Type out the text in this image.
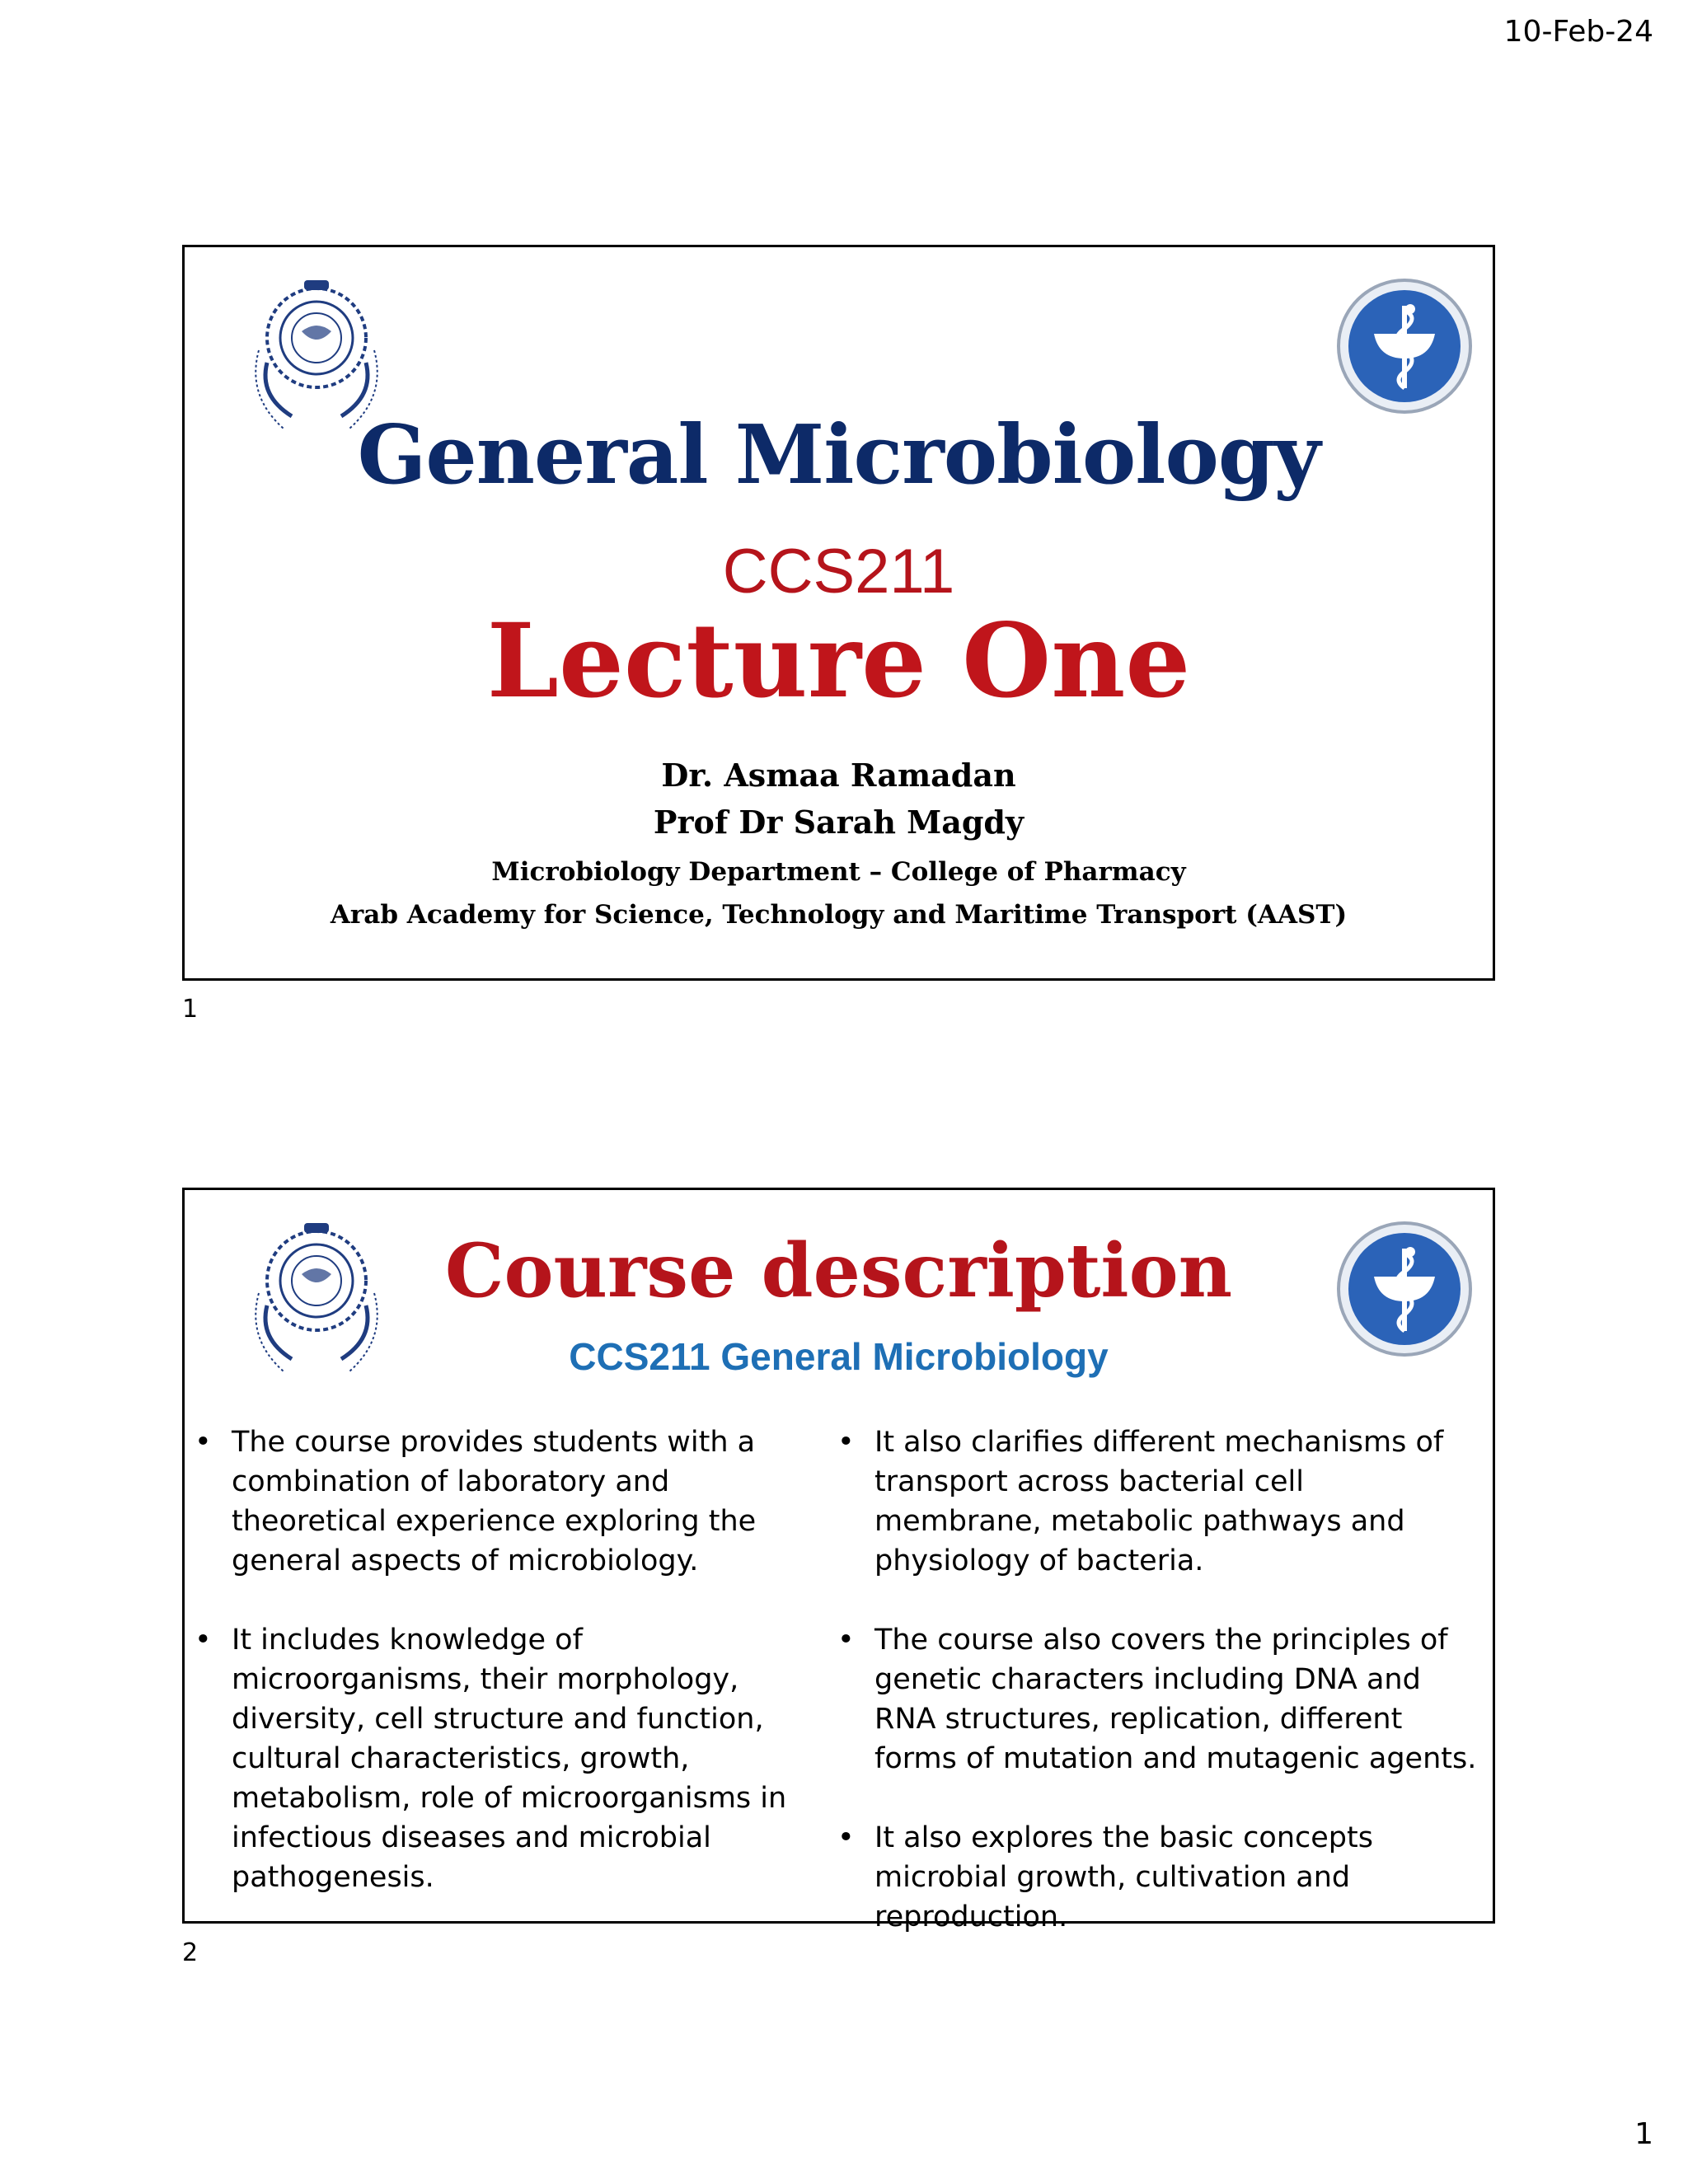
10-Feb-24
1
General Microbiology
CCS211
Lecture One
Dr. Asmaa Ramadan
Prof Dr Sarah Magdy
Microbiology Department – College of Pharmacy
Arab Academy for Science, Technology and Maritime Transport (AAST)
1
Course description
CCS211 General Microbiology
• The course provides students with a combination of laboratory and theoretical experience exploring the general aspects of microbiology.
• It includes knowledge of microorganisms, their morphology, diversity, cell structure and function, cultural characteristics, growth, metabolism, role of microorganisms in infectious diseases and microbial pathogenesis.
• It also clarifies different mechanisms of transport across bacterial cell membrane, metabolic pathways and physiology of bacteria.
• The course also covers the principles of genetic characters including DNA and RNA structures, replication, different forms of mutation and mutagenic agents.
• It also explores the basic concepts microbial growth, cultivation and reproduction.
2
